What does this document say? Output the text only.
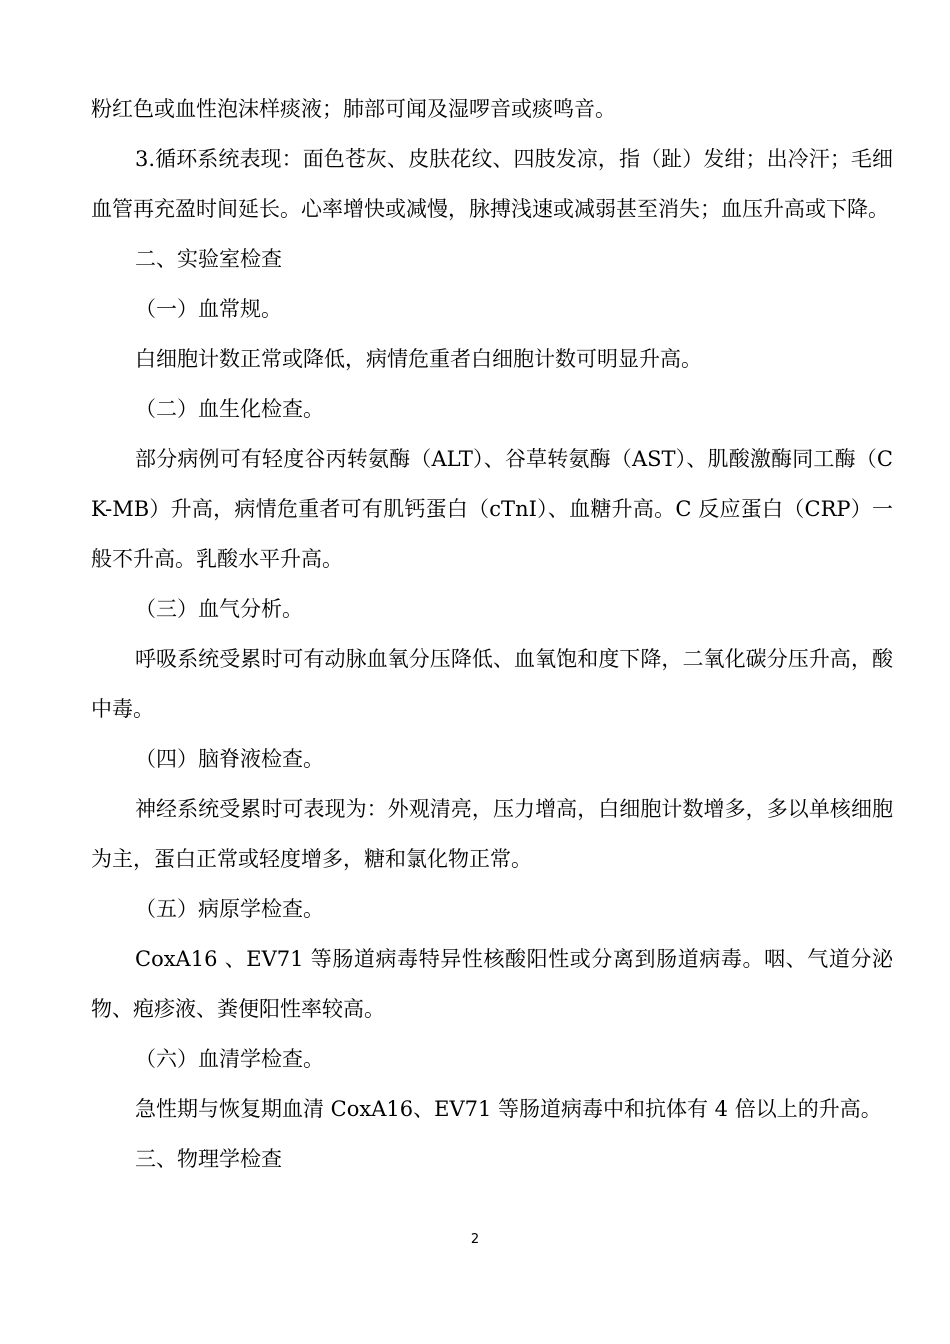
粉红色或血性泡沫样痰液；肺部可闻及湿啰音或痰鸣音。

3.循环系统表现：面色苍灰、皮肤花纹、四肢发凉，指（趾）发绀；出冷汗；毛细血管再充盈时间延长。心率增快或减慢，脉搏浅速或减弱甚至消失；血压升高或下降。

二、实验室检查

（一）血常规。

白细胞计数正常或降低，病情危重者白细胞计数可明显升高。

（二）血生化检查。

部分病例可有轻度谷丙转氨酶（ALT）、谷草转氨酶（AST）、肌酸激酶同工酶（CK-MB）升高，病情危重者可有肌钙蛋白（cTnI）、血糖升高。C 反应蛋白（CRP）一般不升高。乳酸水平升高。

（三）血气分析。

呼吸系统受累时可有动脉血氧分压降低、血氧饱和度下降，二氧化碳分压升高，酸中毒。

（四）脑脊液检查。

神经系统受累时可表现为：外观清亮，压力增高，白细胞计数增多，多以单核细胞为主，蛋白正常或轻度增多，糖和氯化物正常。

（五）病原学检查。

CoxA16 、EV71 等肠道病毒特异性核酸阳性或分离到肠道病毒。咽、气道分泌物、疱疹液、粪便阳性率较高。

（六）血清学检查。

急性期与恢复期血清 CoxA16、EV71 等肠道病毒中和抗体有 4 倍以上的升高。

三、物理学检查

2
